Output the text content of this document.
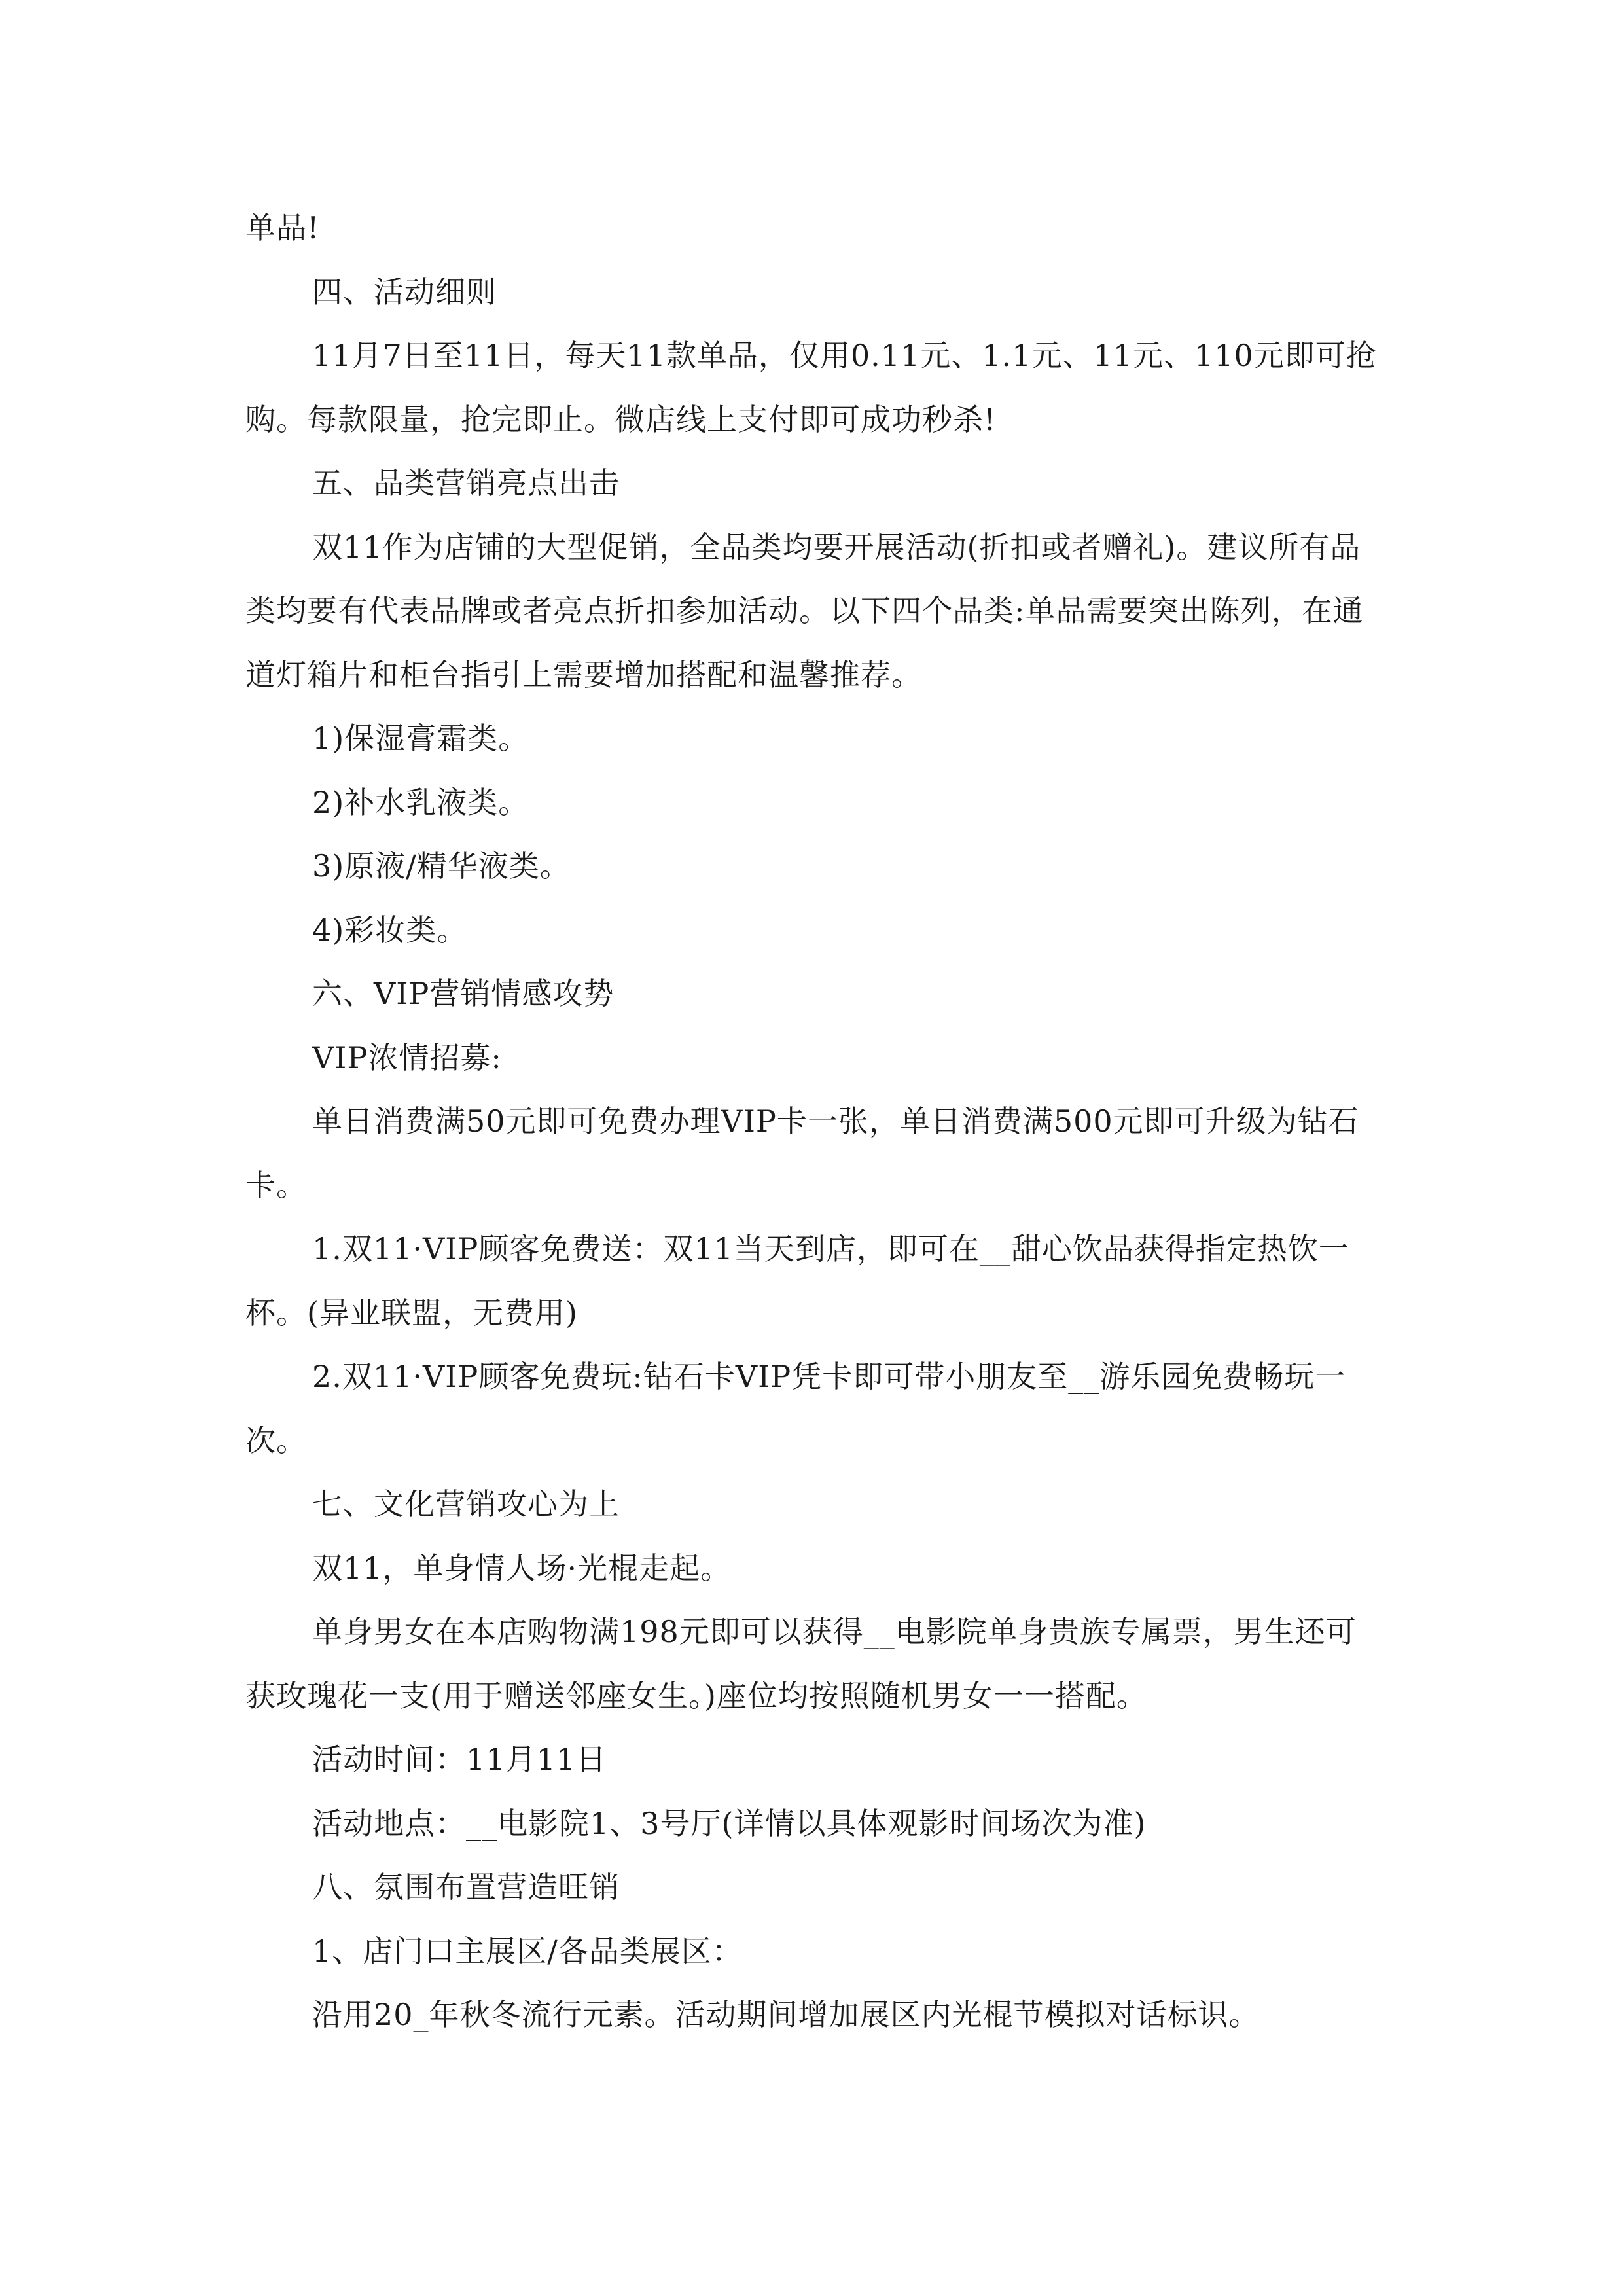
单品!

四、活动细则

11月7日至11日，每天11款单品，仅用0.11元、1.1元、11元、110元即可抢购。每款限量，抢完即止。微店线上支付即可成功秒杀!

五、品类营销亮点出击

双11作为店铺的大型促销，全品类均要开展活动(折扣或者赠礼)。建议所有品类均要有代表品牌或者亮点折扣参加活动。以下四个品类:单品需要突出陈列，在通道灯箱片和柜台指引上需要增加搭配和温馨推荐。

1)保湿膏霜类。

2)补水乳液类。

3)原液/精华液类。

4)彩妆类。

六、VIP营销情感攻势

VIP浓情招募:

单日消费满50元即可免费办理VIP卡一张，单日消费满500元即可升级为钻石卡。

1.双11·VIP顾客免费送：双11当天到店，即可在__甜心饮品获得指定热饮一杯。(异业联盟，无费用)

2.双11·VIP顾客免费玩:钻石卡VIP凭卡即可带小朋友至__游乐园免费畅玩一次。

七、文化营销攻心为上

双11，单身情人场·光棍走起。

单身男女在本店购物满198元即可以获得__电影院单身贵族专属票，男生还可获玫瑰花一支(用于赠送邻座女生。)座位均按照随机男女一一搭配。

活动时间：11月11日

活动地点：__电影院1、3号厅(详情以具体观影时间场次为准)

八、氛围布置营造旺销

1、店门口主展区/各品类展区：

沿用20_年秋冬流行元素。活动期间增加展区内光棍节模拟对话标识。
